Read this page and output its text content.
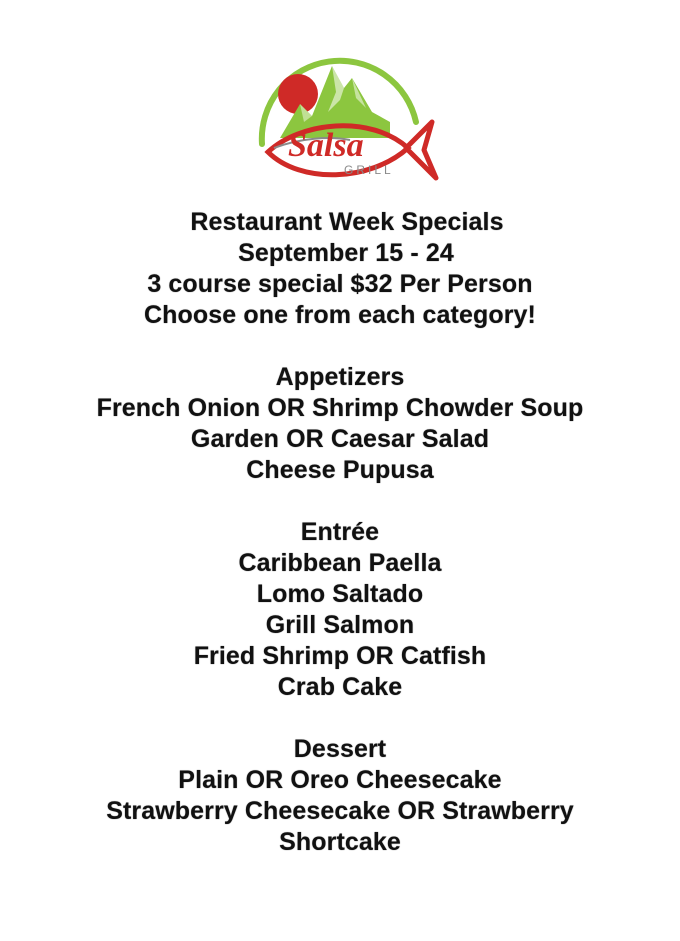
Salsa
GRILL
Restaurant Week Specials
September 15 - 24
3 course special $32 Per Person
Choose one from each category!
Appetizers
French Onion OR Shrimp Chowder Soup
Garden OR Caesar Salad
Cheese Pupusa
Entrée
Caribbean Paella
Lomo Saltado
Grill Salmon
Fried Shrimp OR Catfish
Crab Cake
Dessert
Plain OR Oreo Cheesecake
Strawberry Cheesecake OR Strawberry
Shortcake
